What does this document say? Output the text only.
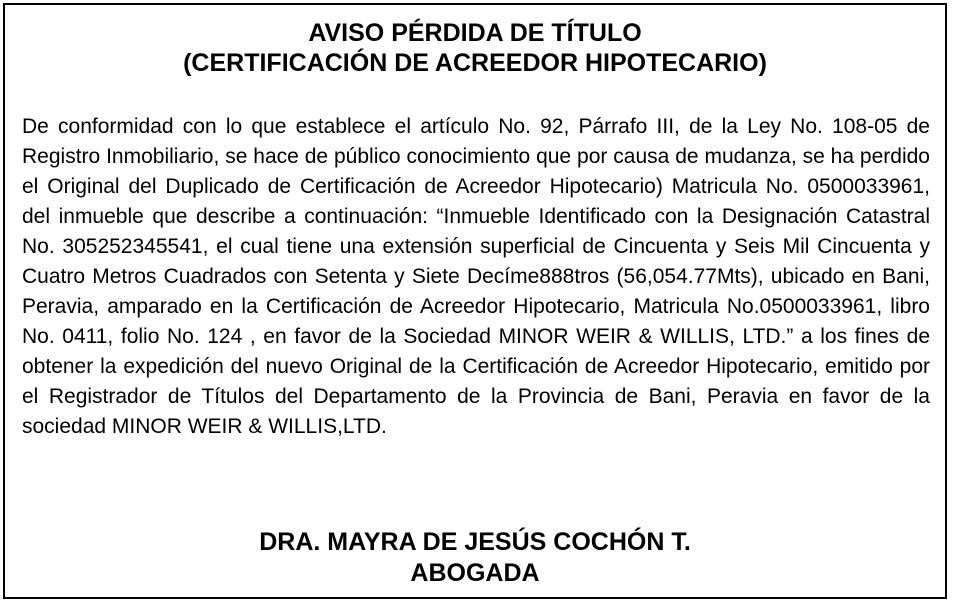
AVISO PÉRDIDA DE TÍTULO
(CERTIFICACIÓN DE ACREEDOR HIPOTECARIO)

De conformidad con lo que establece el artículo No. 92, Párrafo III, de la Ley No. 108-05 de Registro Inmobiliario, se hace de público conocimiento que por causa de mudanza, se ha perdido el Original del Duplicado de Certificación de Acreedor Hipotecario) Matricula No. 0500033961, del inmueble que describe a continuación: “Inmueble Identificado con la Designación Catastral No. 305252345541, el cual tiene una extensión superficial de Cincuenta y Seis Mil Cincuenta y Cuatro Metros Cuadrados con Setenta y Siete Decíme888tros (56,054.77Mts), ubicado en Bani, Peravia, amparado en la Certificación de Acreedor Hipotecario, Matricula No.0500033961, libro No. 0411, folio No. 124 , en favor de la Sociedad MINOR WEIR & WILLIS, LTD.” a los fines de obtener la expedición del nuevo Original de la Certificación de Acreedor Hipotecario, emitido por el Registrador de Títulos del Departamento de la Provincia de Bani, Peravia en favor de la sociedad MINOR WEIR & WILLIS,LTD.

DRA. MAYRA DE JESÚS COCHÓN T.
ABOGADA
